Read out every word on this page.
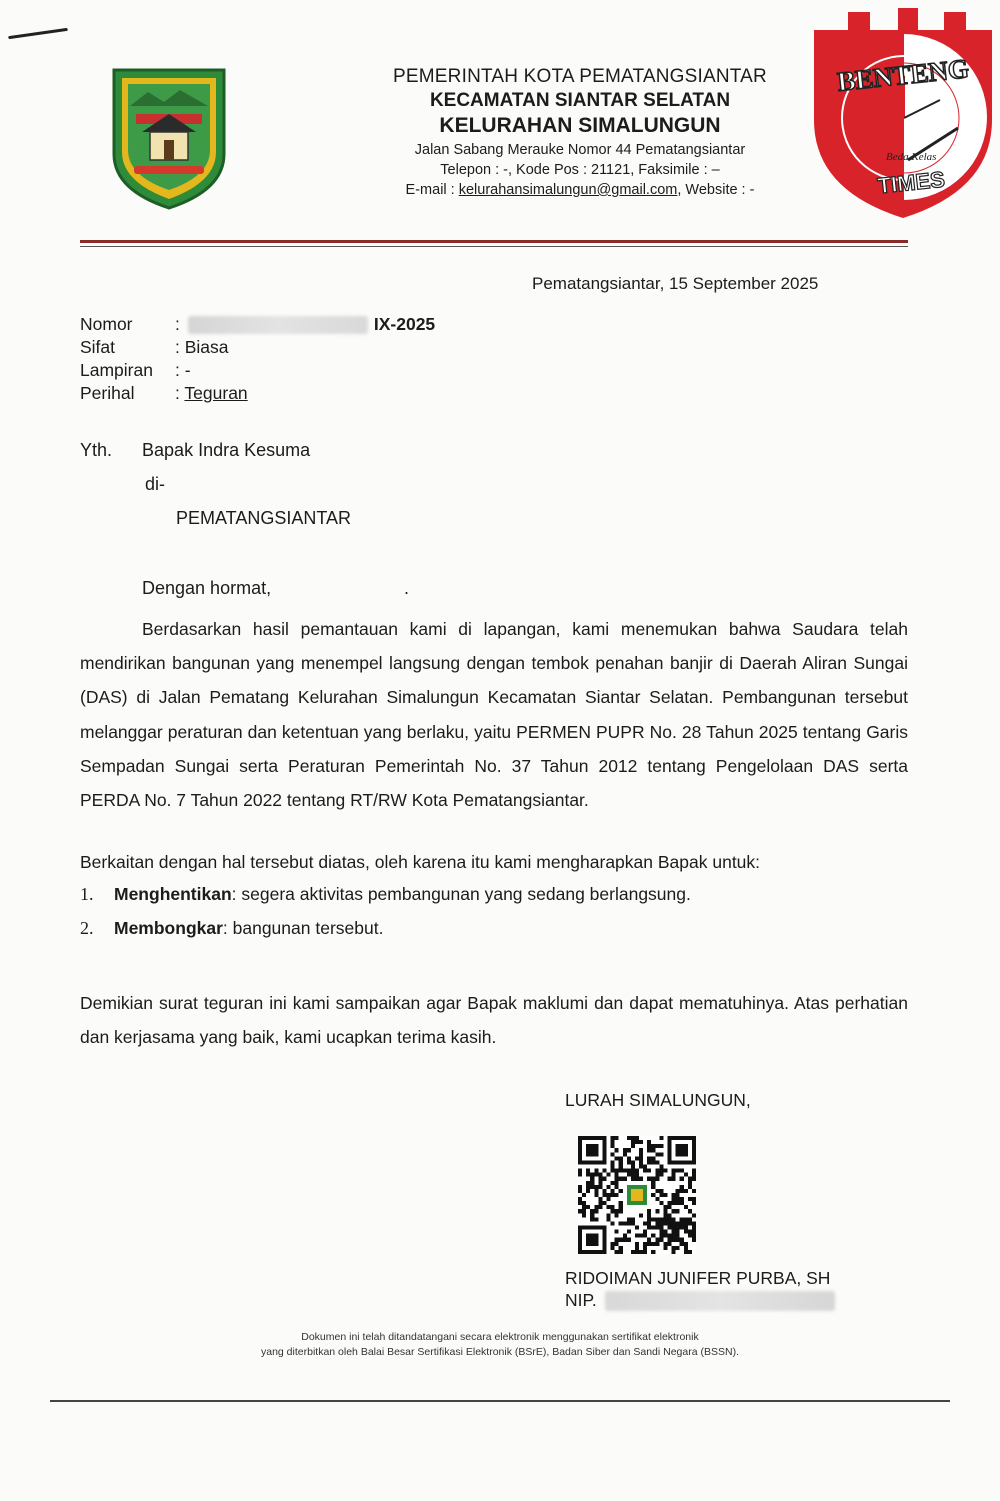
PEMERINTAH KOTA PEMATANGSIANTAR
KECAMATAN SIANTAR SELATAN
KELURAHAN SIMALUNGUN
Jalan Sabang Merauke Nomor 44 Pematangsiantar
Telepon : -, Kode Pos : 21121, Faksimile : –
E-mail : kelurahansimalungun@gmail.com, Website : -
BENTENG
TIMES
Beda Kelas
Pematangsiantar, 15 September 2025
Nomor	:	IX-2025
Sifat	: Biasa
Lampiran	: -
Perihal	: Teguran
Yth. Bapak Indra Kesuma
di-
PEMATANGSIANTAR
Dengan hormat,	.
Berdasarkan hasil pemantauan kami di lapangan, kami menemukan bahwa Saudara telah mendirikan bangunan yang menempel langsung dengan tembok penahan banjir di Daerah Aliran Sungai (DAS) di Jalan Pematang Kelurahan Simalungun Kecamatan Siantar Selatan. Pembangunan tersebut melanggar peraturan dan ketentuan yang berlaku, yaitu PERMEN PUPR No. 28 Tahun 2025 tentang Garis Sempadan Sungai serta Peraturan Pemerintah No. 37 Tahun 2012 tentang Pengelolaan DAS serta PERDA No. 7 Tahun 2022 tentang RT/RW Kota Pematangsiantar.
Berkaitan dengan hal tersebut diatas, oleh karena itu kami mengharapkan Bapak untuk:
1. Menghentikan: segera aktivitas pembangunan yang sedang berlangsung.
2. Membongkar: bangunan tersebut.
Demikian surat teguran ini kami sampaikan agar Bapak maklumi dan dapat mematuhinya. Atas perhatian dan kerjasama yang baik, kami ucapkan terima kasih.
LURAH SIMALUNGUN,
RIDOIMAN JUNIFER PURBA, SH
NIP.
Dokumen ini telah ditandatangani secara elektronik menggunakan sertifikat elektronik
yang diterbitkan oleh Balai Besar Sertifikasi Elektronik (BSrE), Badan Siber dan Sandi Negara (BSSN).
